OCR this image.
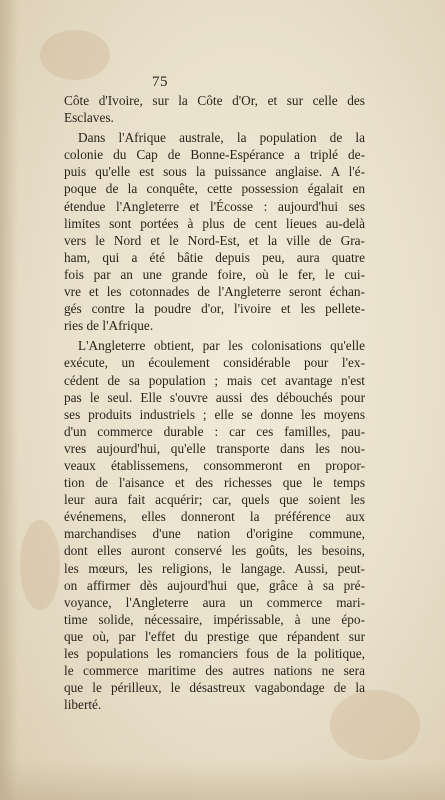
75
Côte d'Ivoire, sur la Côte d'Or, et sur celle des
Esclaves.
Dans l'Afrique australe, la population de la
colonie du Cap de Bonne-Espérance a triplé de-
puis qu'elle est sous la puissance anglaise. A l'é-
poque de la conquête, cette possession égalait en
étendue l'Angleterre et l'Écosse : aujourd'hui ses
limites sont portées à plus de cent lieues au-delà
vers le Nord et le Nord-Est, et la ville de Gra-
ham, qui a été bâtie depuis peu, aura quatre
fois par an une grande foire, où le fer, le cui-
vre et les cotonnades de l'Angleterre seront échan-
gés contre la poudre d'or, l'ivoire et les pellete-
ries de l'Afrique.
L'Angleterre obtient, par les colonisations qu'elle
exécute, un écoulement considérable pour l'ex-
cédent de sa population ; mais cet avantage n'est
pas le seul. Elle s'ouvre aussi des débouchés pour
ses produits industriels ; elle se donne les moyens
d'un commerce durable : car ces familles, pau-
vres aujourd'hui, qu'elle transporte dans les nou-
veaux établissemens, consommeront en propor-
tion de l'aisance et des richesses que le temps
leur aura fait acquérir; car, quels que soient les
événemens, elles donneront la préférence aux
marchandises d'une nation d'origine commune,
dont elles auront conservé les goûts, les besoins,
les mœurs, les religions, le langage. Aussi, peut-
on affirmer dès aujourd'hui que, grâce à sa pré-
voyance, l'Angleterre aura un commerce mari-
time solide, nécessaire, impérissable, à une épo-
que où, par l'effet du prestige que répandent sur
les populations les romanciers fous de la politique,
le commerce maritime des autres nations ne sera
que le périlleux, le désastreux vagabondage de la
liberté.
